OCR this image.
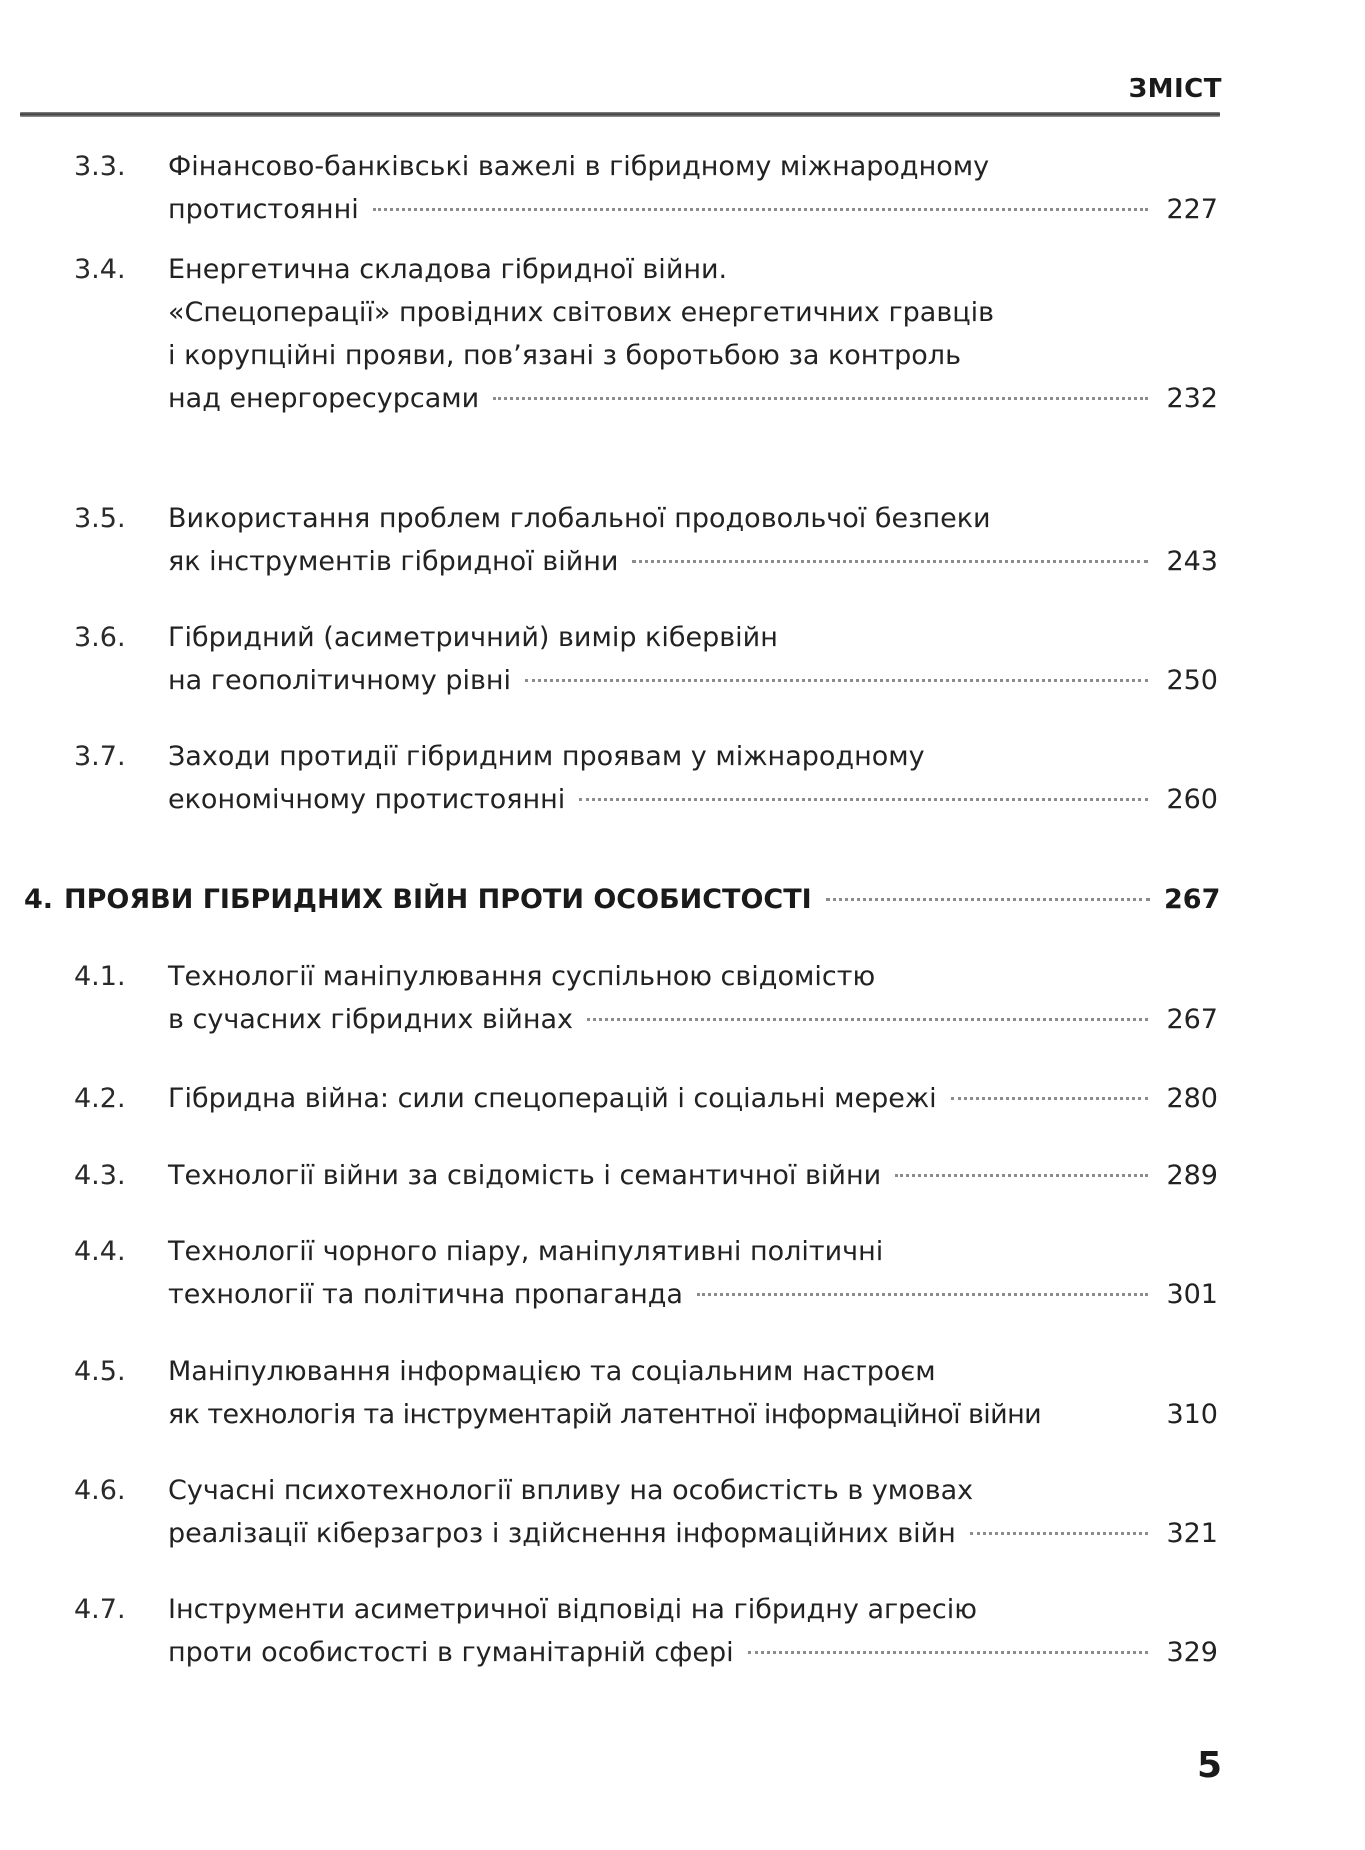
ЗМІСТ
3.3. Фінансово-банківські важелі в гібридному міжнародному
протистоянні	227
3.4. Енергетична складова гібридної війни.
«Спецоперації» провідних світових енергетичних гравців
і корупційні прояви, пов’язані з боротьбою за контроль
над енергоресурсами	232
3.5. Використання проблем глобальної продовольчої безпеки
як інструментів гібридної війни	243
3.6. Гібридний (асиметричний) вимір кібервійн
на геополітичному рівні	250
3.7. Заходи протидії гібридним проявам у міжнародному
економічному протистоянні	260
4. ПРОЯВИ ГІБРИДНИХ ВІЙН ПРОТИ ОСОБИСТОСТІ	267
4.1. Технології маніпулювання суспільною свідомістю
в сучасних гібридних війнах	267
4.2. Гібридна війна: сили спецоперацій і соціальні мережі	280
4.3. Технології війни за свідомість і семантичної війни	289
4.4. Технології чорного піару, маніпулятивні політичні
технології та політична пропаганда	301
4.5. Маніпулювання інформацією та соціальним настроєм
як технологія та інструментарій латентної інформаційної війни	310
4.6. Сучасні психотехнології впливу на особистість в умовах
реалізації кіберзагроз і здійснення інформаційних війн	321
4.7. Інструменти асиметричної відповіді на гібридну агресію
проти особистості в гуманітарній сфері	329
5
